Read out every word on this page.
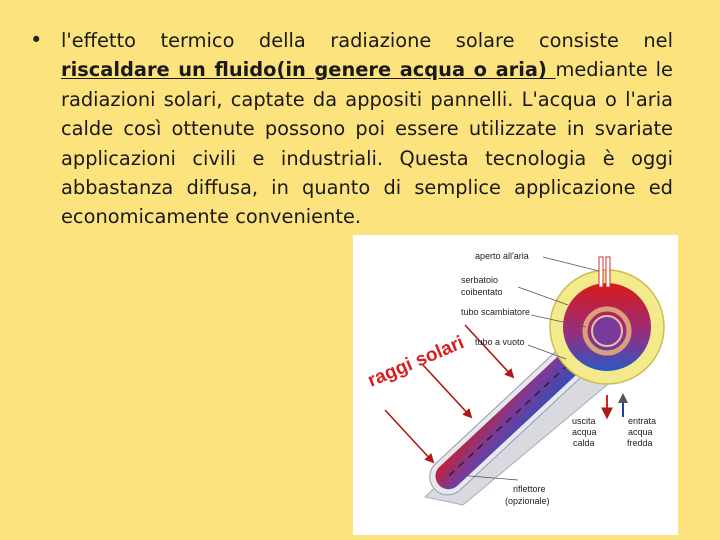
• l'effetto termico della radiazione solare consiste nel riscaldare un fluido(in genere acqua o aria) mediante le radiazioni solari, captate da appositi pannelli. L'acqua o l'aria calde così ottenute possono poi essere utilizzate in svariate applicazioni civili e industriali. Questa tecnologia è oggi abbastanza diffusa, in quanto di semplice applicazione ed economicamente conveniente.
aperto all'aria
serbatoio
coibentato
tubo scambiatore
tubo a vuoto
raggi solari
uscita
acqua
calda
entrata
acqua
fredda
riflettore
(opzionale)
